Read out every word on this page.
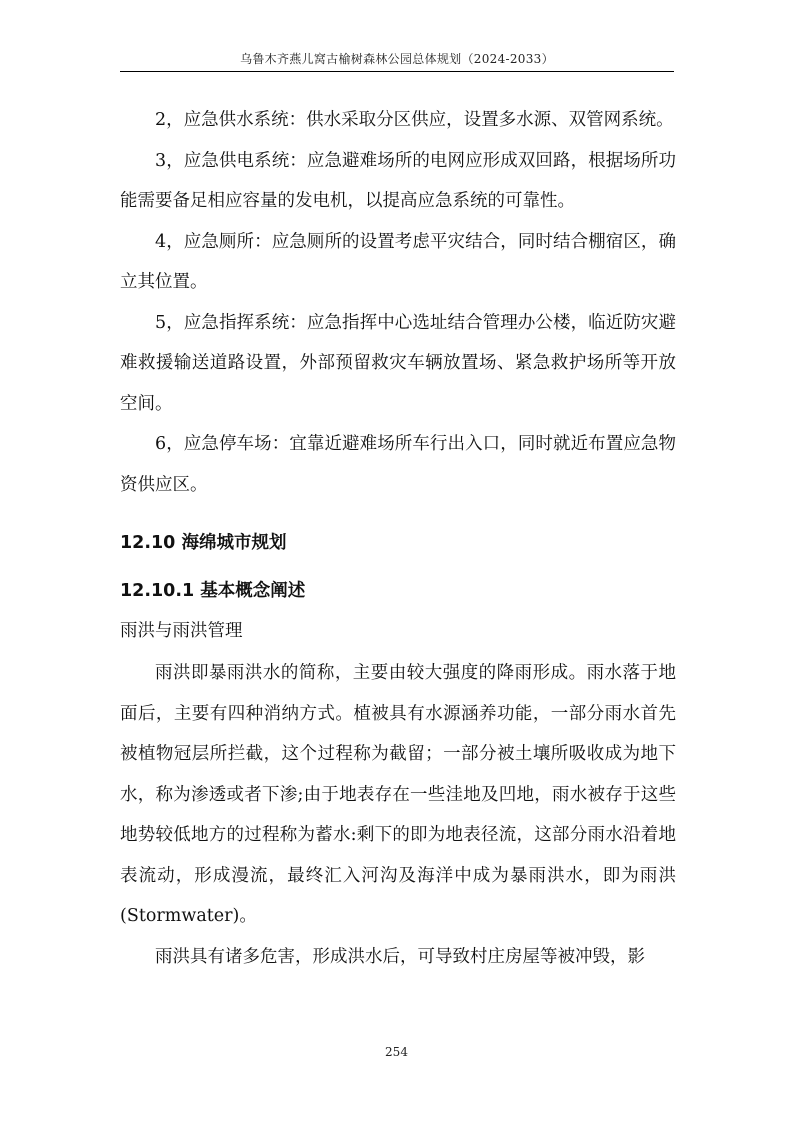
乌鲁木齐燕儿窝古榆树森林公园总体规划（2024-2033）

2，应急供水系统：供水采取分区供应，设置多水源、双管网系统。

3，应急供电系统：应急避难场所的电网应形成双回路，根据场所功能需要备足相应容量的发电机，以提高应急系统的可靠性。

4，应急厕所：应急厕所的设置考虑平灾结合，同时结合棚宿区，确立其位置。

5，应急指挥系统：应急指挥中心选址结合管理办公楼，临近防灾避难救援输送道路设置，外部预留救灾车辆放置场、紧急救护场所等开放空间。

6，应急停车场：宜靠近避难场所车行出入口，同时就近布置应急物资供应区。

12.10 海绵城市规划
12.10.1 基本概念阐述

雨洪与雨洪管理

雨洪即暴雨洪水的简称，主要由较大强度的降雨形成。雨水落于地面后，主要有四种消纳方式。植被具有水源涵养功能，一部分雨水首先被植物冠层所拦截，这个过程称为截留；一部分被土壤所吸收成为地下水，称为渗透或者下渗;由于地表存在一些洼地及凹地，雨水被存于这些地势较低地方的过程称为蓄水:剩下的即为地表径流，这部分雨水沿着地表流动，形成漫流，最终汇入河沟及海洋中成为暴雨洪水，即为雨洪(Stormwater)。

雨洪具有诸多危害，形成洪水后，可导致村庄房屋等被冲毁，影

254
